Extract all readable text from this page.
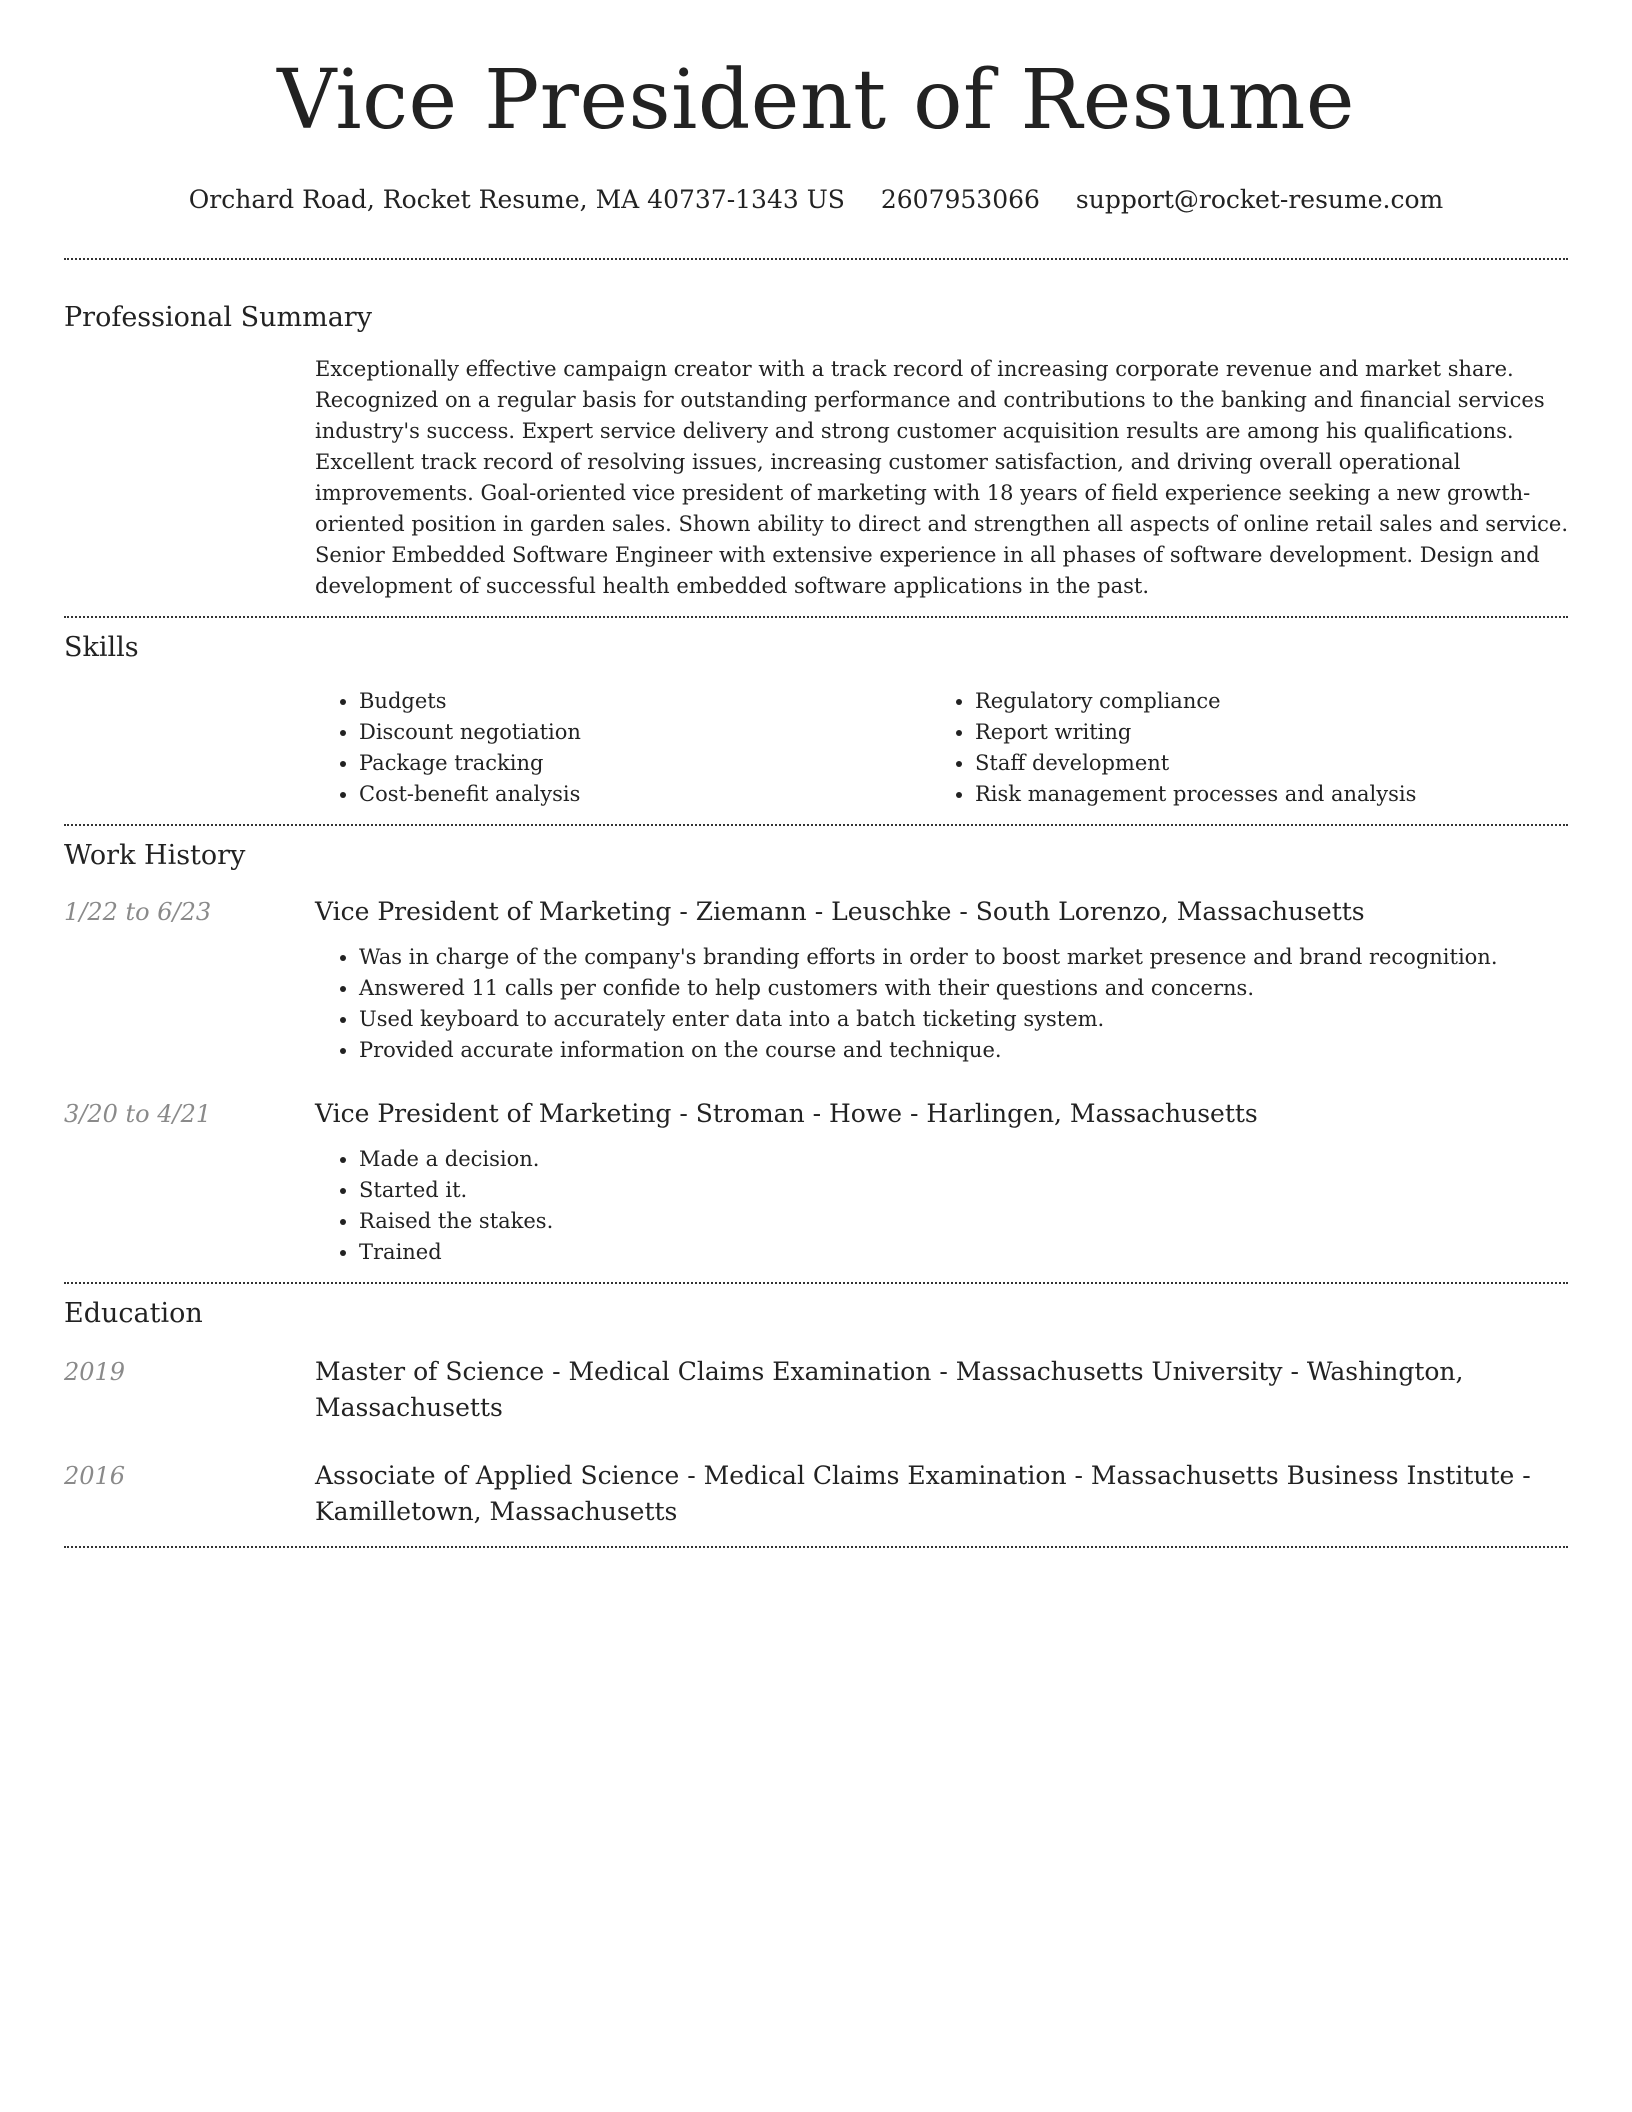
Vice President of Resume
Orchard Road, Rocket Resume, MA 40737-1343 US 2607953066 support@rocket-resume.com
Professional Summary
Exceptionally effective campaign creator with a track record of increasing corporate revenue and market share. Recognized on a regular basis for outstanding performance and contributions to the banking and financial services industry's success. Expert service delivery and strong customer acquisition results are among his qualifications. Excellent track record of resolving issues, increasing customer satisfaction, and driving overall operational improvements. Goal-oriented vice president of marketing with 18 years of field experience seeking a new growth-oriented position in garden sales. Shown ability to direct and strengthen all aspects of online retail sales and service. Senior Embedded Software Engineer with extensive experience in all phases of software development. Design and development of successful health embedded software applications in the past.
Skills
• Budgets
• Discount negotiation
• Package tracking
• Cost-benefit analysis
• Regulatory compliance
• Report writing
• Staff development
• Risk management processes and analysis
Work History
1/22 to 6/23	Vice President of Marketing - Ziemann - Leuschke - South Lorenzo, Massachusetts
• Was in charge of the company's branding efforts in order to boost market presence and brand recognition.
• Answered 11 calls per confide to help customers with their questions and concerns.
• Used keyboard to accurately enter data into a batch ticketing system.
• Provided accurate information on the course and technique.
3/20 to 4/21	Vice President of Marketing - Stroman - Howe - Harlingen, Massachusetts
• Made a decision.
• Started it.
• Raised the stakes.
• Trained
Education
2019	Master of Science - Medical Claims Examination - Massachusetts University - Washington, Massachusetts
2016	Associate of Applied Science - Medical Claims Examination - Massachusetts Business Institute - Kamilletown, Massachusetts
